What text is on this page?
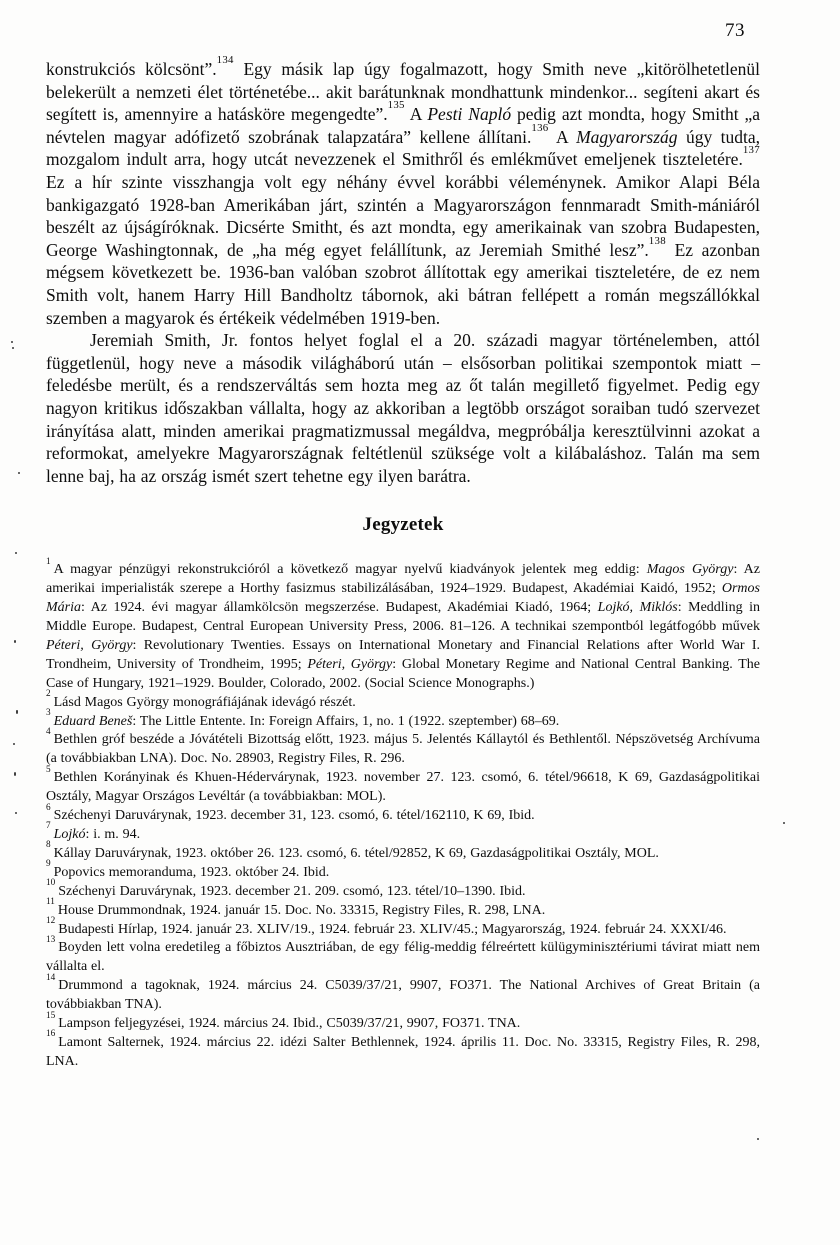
73

konstrukciós kölcsönt”.$^{134}$ Egy másik lap úgy fogalmazott, hogy Smith neve „kitörölhetetlenül belekerült a nemzeti élet történetébe... akit barátunknak mondhattunk mindenkor... segíteni akart és segített is, amennyire a hatásköre megengedte”.$^{135}$ A Pesti Napló pedig azt mondta, hogy Smitht „a névtelen magyar adófizető szobrának talapzatára” kellene állítani.$^{136}$ A Magyarország úgy tudta, mozgalom indult arra, hogy utcát nevezzenek el Smithről és emlékművet emeljenek tiszteletére.$^{137}$ Ez a hír szinte visszhangja volt egy néhány évvel korábbi véleménynek. Amikor Alapi Béla bankigazgató 1928-ban Amerikában járt, szintén a Magyarországon fennmaradt Smith-mániáról beszélt az újságíróknak. Dicsérte Smitht, és azt mondta, egy amerikainak van szobra Budapesten, George Washingtonnak, de „ha még egyet felállítunk, az Jeremiah Smithé lesz”.$^{138}$ Ez azonban mégsem következett be. 1936-ban valóban szobrot állítottak egy amerikai tiszteletére, de ez nem Smith volt, hanem Harry Hill Bandholtz tábornok, aki bátran fellépett a román megszállókkal szemben a magyarok és értékeik védelmében 1919-ben.

Jeremiah Smith, Jr. fontos helyet foglal el a 20. századi magyar történelemben, attól függetlenül, hogy neve a második világháború után – elsősorban politikai szempontok miatt – feledésbe merült, és a rendszerváltás sem hozta meg az őt talán megillető figyelmet. Pedig egy nagyon kritikus időszakban vállalta, hogy az akkoriban a legtöbb országot soraiban tudó szervezet irányítása alatt, minden amerikai pragmatizmussal megáldva, megpróbálja keresztülvinni azokat a reformokat, amelyekre Magyarországnak feltétlenül szüksége volt a kilábaláshoz. Talán ma sem lenne baj, ha az ország ismét szert tehetne egy ilyen barátra.

Jegyzetek
$^1$A magyar pénzügyi rekonstrukcióról a következő magyar nyelvű kiadványok jelentek meg eddig: Magos György: Az amerikai imperialisták szerepe a Horthy fasizmus stabilizálásában, 1924–1929. Budapest, Akadémiai Kaidó, 1952; Ormos Mária: Az 1924. évi magyar államkölcsön megszerzése. Budapest, Akadémiai Kiadó, 1964; Lojkó, Miklós: Meddling in Middle Europe. Budapest, Central European University Press, 2006. 81–126. A technikai szempontból legátfogóbb művek Péteri, György: Revolutionary Twenties. Essays on International Monetary and Financial Relations after World War I. Trondheim, University of Trondheim, 1995; Péteri, György: Global Monetary Regime and National Central Banking. The Case of Hungary, 1921–1929. Boulder, Colorado, 2002. (Social Science Monographs.)
$^2$Lásd Magos György monográfiájának idevágó részét.
$^3$Eduard Beneš: The Little Entente. In: Foreign Affairs, 1, no. 1 (1922. szeptember) 68–69.
$^4$Bethlen gróf beszéde a Jóvátételi Bizottság előtt, 1923. május 5. Jelentés Kállaytól és Bethlentől. Népszövetség Archívuma (a továbbiakban LNA). Doc. No. 28903, Registry Files, R. 296.
$^5$Bethlen Korányinak és Khuen-Hédervárynak, 1923. november 27. 123. csomó, 6. tétel/96618, K 69, Gazdaságpolitikai Osztály, Magyar Országos Levéltár (a továbbiakban: MOL).
$^6$Széchenyi Daruvárynak, 1923. december 31, 123. csomó, 6. tétel/162110, K 69, Ibid.
$^7$Lojkó: i. m. 94.
$^8$Kállay Daruvárynak, 1923. október 26. 123. csomó, 6. tétel/92852, K 69, Gazdaságpolitikai Osztály, MOL.
$^9$Popovics memoranduma, 1923. október 24. Ibid.
$^{10}$Széchenyi Daruvárynak, 1923. december 21. 209. csomó, 123. tétel/10–1390. Ibid.
$^{11}$House Drummondnak, 1924. január 15. Doc. No. 33315, Registry Files, R. 298, LNA.
$^{12}$Budapesti Hírlap, 1924. január 23. XLIV/19., 1924. február 23. XLIV/45.; Magyarország, 1924. február 24. XXXI/46.
$^{13}$Boyden lett volna eredetileg a főbiztos Ausztriában, de egy félig-meddig félreértett külügyminisztériumi távirat miatt nem vállalta el.
$^{14}$Drummond a tagoknak, 1924. március 24. C5039/37/21, 9907, FO371. The National Archives of Great Britain (a továbbiakban TNA).
$^{15}$Lampson feljegyzései, 1924. március 24. Ibid., C5039/37/21, 9907, FO371. TNA.
$^{16}$Lamont Salternek, 1924. március 22. idézi Salter Bethlennek, 1924. április 11. Doc. No. 33315, Registry Files, R. 298, LNA.
